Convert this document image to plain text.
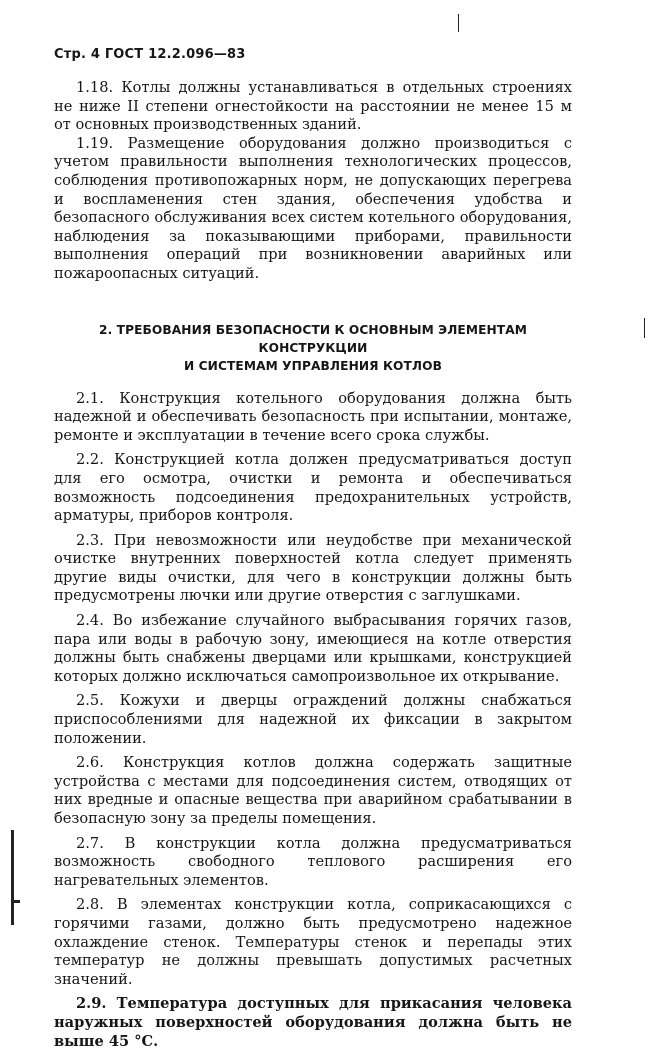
Стр. 4 ГОСТ 12.2.096—83

1.18. Котлы должны устанавливаться в отдельных строениях не ниже II степени огнестойкости на расстоянии не менее 15 м от основных производственных зданий.

1.19. Размещение оборудования должно производиться с учетом правильности выполнения технологических процессов, соблюдения противопожарных норм, не допускающих перегрева и воспламенения стен здания, обеспечения удобства и безопасного обслуживания всех систем котельного оборудования, наблюдения за показывающими приборами, правильности выполнения операций при возникновении аварийных или пожароопасных ситуаций.

2. ТРЕБОВАНИЯ БЕЗОПАСНОСТИ К ОСНОВНЫМ ЭЛЕМЕНТАМ КОНСТРУКЦИИ
И СИСТЕМАМ УПРАВЛЕНИЯ КОТЛОВ

2.1. Конструкция котельного оборудования должна быть надежной и обеспечивать безопасность при испытании, монтаже, ремонте и эксплуатации в течение всего срока службы.

2.2. Конструкцией котла должен предусматриваться доступ для его осмотра, очистки и ремонта и обеспечиваться возможность подсоединения предохранительных устройств, арматуры, приборов контроля.

2.3. При невозможности или неудобстве при механической очистке внутренних поверхностей котла следует применять другие виды очистки, для чего в конструкции должны быть предусмотрены лючки или другие отверстия с заглушками.

2.4. Во избежание случайного выбрасывания горячих газов, пара или воды в рабочую зону, имеющиеся на котле отверстия должны быть снабжены дверцами или крышками, конструкцией которых должно исключаться самопроизвольное их открывание.

2.5. Кожухи и дверцы ограждений должны снабжаться приспособлениями для надежной их фиксации в закрытом положении.

2.6. Конструкция котлов должна содержать защитные устройства с местами для подсоединения систем, отводящих от них вредные и опасные вещества при аварийном срабатывании в безопасную зону за пределы помещения.

2.7. В конструкции котла должна предусматриваться возможность свободного теплового расширения его нагревательных элементов.

2.8. В элементах конструкции котла, соприкасающихся с горячими газами, должно быть предусмотрено надежное охлаждение стенок. Температуры стенок и перепады этих температур не должны превышать допустимых расчетных значений.

2.9. Температура доступных для прикасания человека наружных поверхностей оборудования должна быть не выше 45 °С.
